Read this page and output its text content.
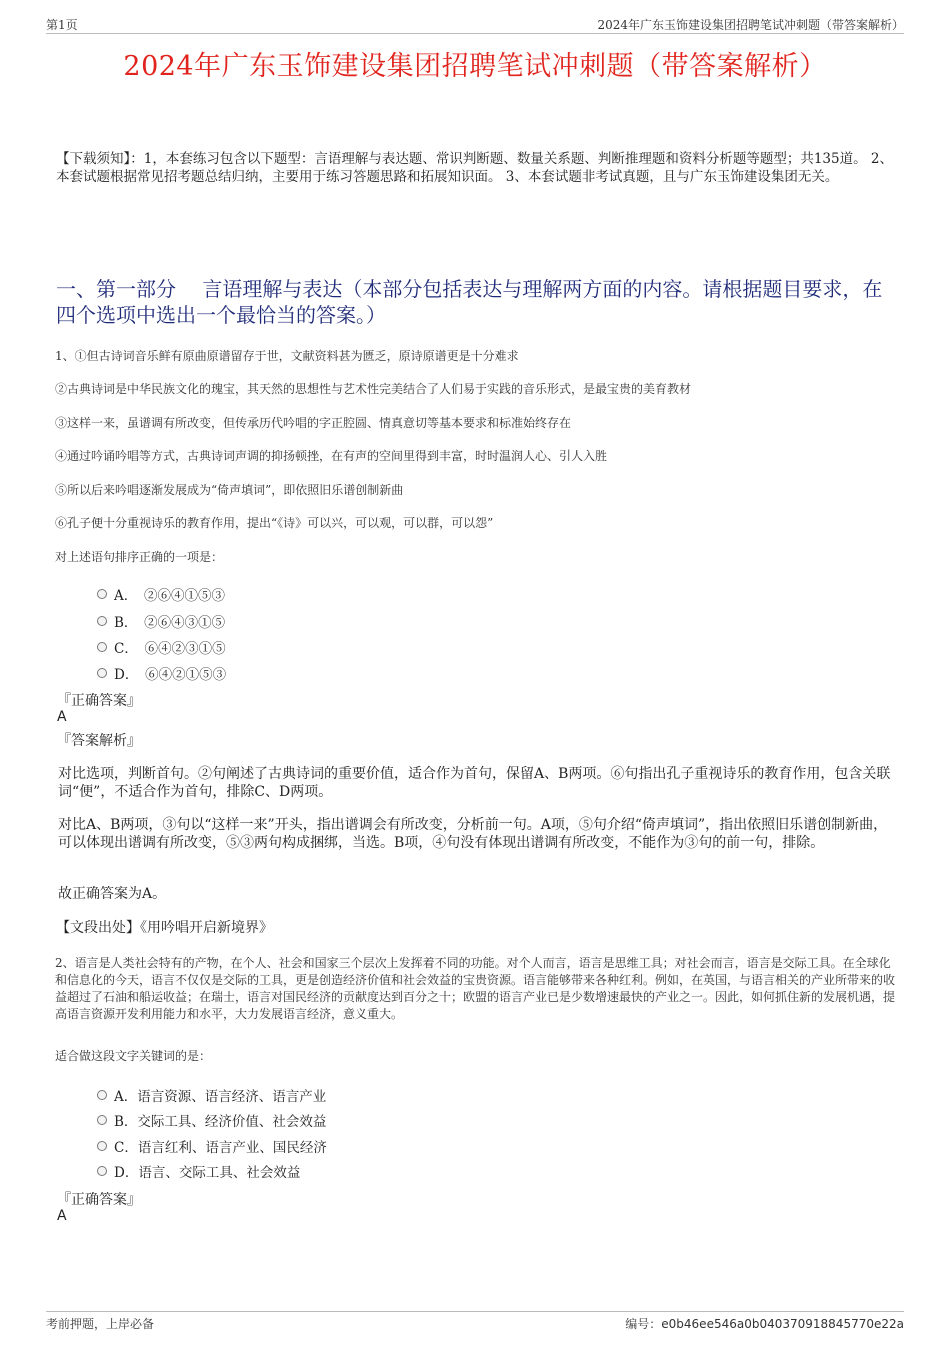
第1页	2024年广东玉饰建设集团招聘笔试冲刺题（带答案解析）
2024年广东玉饰建设集团招聘笔试冲刺题（带答案解析）
【下载须知】：1，本套练习包含以下题型：言语理解与表达题、常识判断题、数量关系题、判断推理题和资料分析题等题型；共135道。 2、本套试题根据常见招考题总结归纳，主要用于练习答题思路和拓展知识面。 3、本套试题非考试真题，且与广东玉饰建设集团无关。
一、第一部分　 言语理解与表达（本部分包括表达与理解两方面的内容。请根据题目要求，在四个选项中选出一个最恰当的答案。）
1、①但古诗词音乐鲜有原曲原谱留存于世，文献资料甚为匮乏，原诗原谱更是十分难求
②古典诗词是中华民族文化的瑰宝，其天然的思想性与艺术性完美结合了人们易于实践的音乐形式，是最宝贵的美育教材
③这样一来，虽谱调有所改变，但传承历代吟唱的字正腔圆、情真意切等基本要求和标准始终存在
④通过吟诵吟唱等方式，古典诗词声调的抑扬顿挫，在有声的空间里得到丰富，时时温润人心、引人入胜
⑤所以后来吟唱逐渐发展成为“倚声填词”，即依照旧乐谱创制新曲
⑥孔子便十分重视诗乐的教育作用，提出“《诗》可以兴，可以观，可以群，可以怨”
对上述语句排序正确的一项是：
A．　②⑥④①⑤③
B．　②⑥④③①⑤
C．　⑥④②③①⑤
D．　⑥④②①⑤③
『正确答案』
A
『答案解析』
对比选项，判断首句。②句阐述了古典诗词的重要价值，适合作为首句，保留A、B两项。⑥句指出孔子重视诗乐的教育作用，包含关联词“便”，不适合作为首句，排除C、D两项。
对比A、B两项，③句以“这样一来”开头，指出谱调会有所改变，分析前一句。A项，⑤句介绍“倚声填词”，指出依照旧乐谱创制新曲，可以体现出谱调有所改变，⑤③两句构成捆绑，当选。B项，④句没有体现出谱调有所改变，不能作为③句的前一句，排除。
故正确答案为A。
【文段出处】《用吟唱开启新境界》
2、语言是人类社会特有的产物，在个人、社会和国家三个层次上发挥着不同的功能。对个人而言，语言是思维工具；对社会而言，语言是交际工具。在全球化和信息化的今天，语言不仅仅是交际的工具，更是创造经济价值和社会效益的宝贵资源。语言能够带来各种红利。例如，在英国，与语言相关的产业所带来的收益超过了石油和船运收益；在瑞士，语言对国民经济的贡献度达到百分之十；欧盟的语言产业已是少数增速最快的产业之一。因此，如何抓住新的发展机遇，提高语言资源开发利用能力和水平，大力发展语言经济，意义重大。
适合做这段文字关键词的是：
A．语言资源、语言经济、语言产业
B．交际工具、经济价值、社会效益
C．语言红利、语言产业、国民经济
D．语言、交际工具、社会效益
『正确答案』
A
考前押题，上岸必备	编号：e0b46ee546a0b040370918845770e22a
